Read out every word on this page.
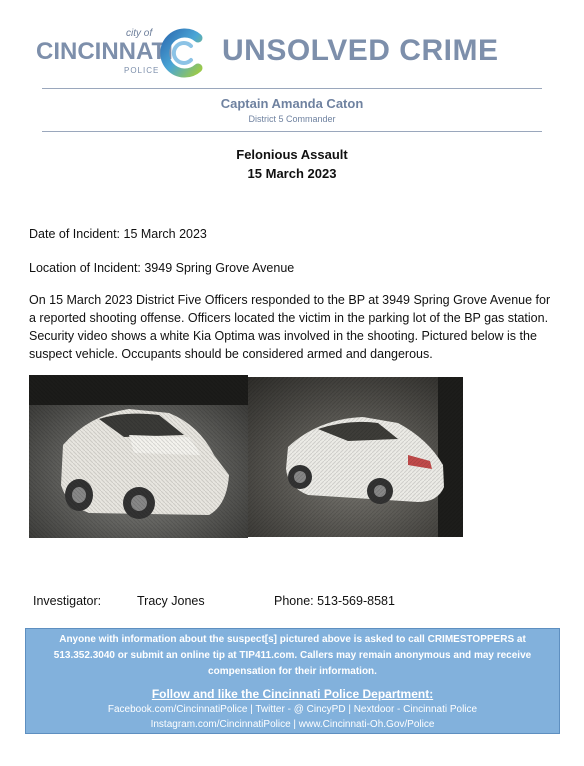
city of
CINCINNATI
POLICE
UNSOLVED CRIME
Captain Amanda Caton
District 5 Commander
Felonious Assault
15 March 2023
Date of Incident: 15 March 2023
Location of Incident: 3949 Spring Grove Avenue
On 15 March 2023 District Five Officers responded to the BP at 3949 Spring Grove Avenue for a reported shooting offense. Officers located the victim in the parking lot of the BP gas station. Security video shows a white Kia Optima was involved in the shooting. Pictured below is the suspect vehicle. Occupants should be considered armed and dangerous.
Investigator:	Tracy Jones	Phone: 513-569-8581
Anyone with information about the suspect[s] pictured above is asked to call CRIMESTOPPERS at 513.352.3040 or submit an online tip at TIP411.com. Callers may remain anonymous and may receive compensation for their information.
Follow and like the Cincinnati Police Department:
Facebook.com/CincinnatiPolice | Twitter - @ CincyPD | Nextdoor - Cincinnati Police
Instagram.com/CincinnatiPolice | www.Cincinnati-Oh.Gov/Police
